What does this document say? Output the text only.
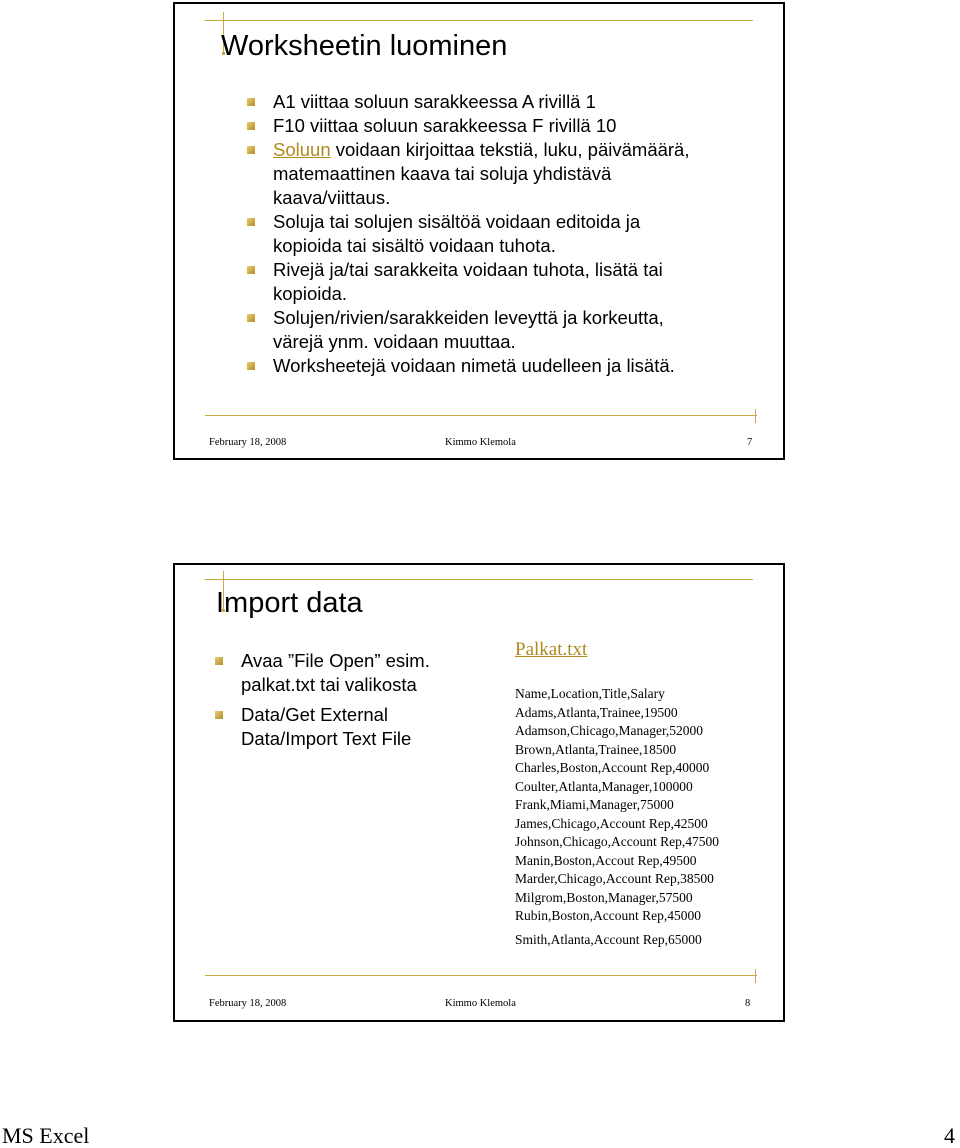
Worksheetin luominen
A1 viittaa soluun sarakkeessa A rivillä 1
F10 viittaa soluun sarakkeessa F rivillä 10
Soluun voidaan kirjoittaa tekstiä, luku, päivämäärä,
matemaattinen kaava tai soluja yhdistävä
kaava/viittaus.
Soluja tai solujen sisältöä voidaan editoida ja
kopioida tai sisältö voidaan tuhota.
Rivejä ja/tai sarakkeita voidaan tuhota, lisätä tai
kopioida.
Solujen/rivien/sarakkeiden leveyttä ja korkeutta,
värejä ynm. voidaan muuttaa.
Worksheetejä voidaan nimetä uudelleen ja lisätä.
February 18, 2008	Kimmo Klemola	7
Import data
Avaa ”File Open” esim.
palkat.txt tai valikosta
Data/Get External
Data/Import Text File
Palkat.txt
Name,Location,Title,Salary
Adams,Atlanta,Trainee,19500
Adamson,Chicago,Manager,52000
Brown,Atlanta,Trainee,18500
Charles,Boston,Account Rep,40000
Coulter,Atlanta,Manager,100000
Frank,Miami,Manager,75000
James,Chicago,Account Rep,42500
Johnson,Chicago,Account Rep,47500
Manin,Boston,Accout Rep,49500
Marder,Chicago,Account Rep,38500
Milgrom,Boston,Manager,57500
Rubin,Boston,Account Rep,45000
Smith,Atlanta,Account Rep,65000
February 18, 2008	Kimmo Klemola	8
MS Excel	4
